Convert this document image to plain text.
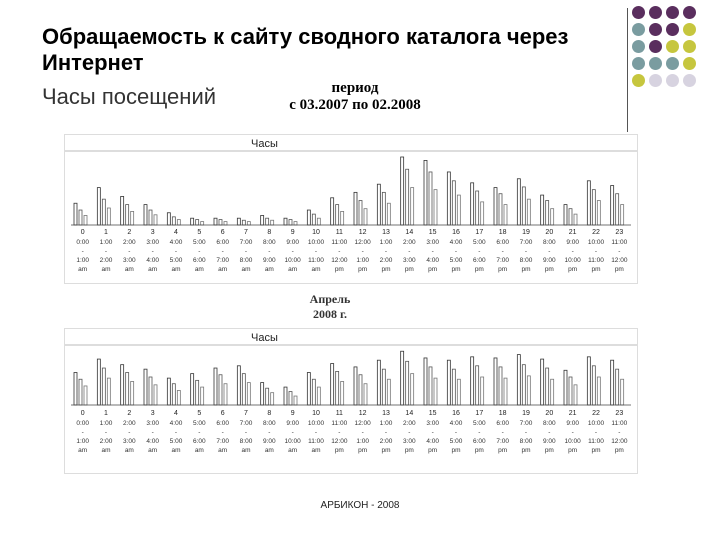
Обращаемость к сайту сводного каталога через Интернет
Часы посещений	период
с 03.2007 по 02.2008
Часы
0
0:00
-
1:00
am
1
1:00
-
2:00
am
2
2:00
-
3:00
am
3
3:00
-
4:00
am
4
4:00
-
5:00
am
5
5:00
-
6:00
am
6
6:00
-
7:00
am
7
7:00
-
8:00
am
8
8:00
-
9:00
am
9
9:00
-
10:00
am
10
10:00
-
11:00
am
11
11:00
-
12:00
pm
12
12:00
-
1:00
pm
13
1:00
-
2:00
pm
14
2:00
-
3:00
pm
15
3:00
-
4:00
pm
16
4:00
-
5:00
pm
17
5:00
-
6:00
pm
18
6:00
-
7:00
pm
19
7:00
-
8:00
pm
20
8:00
-
9:00
pm
21
9:00
-
10:00
pm
22
10:00
-
11:00
pm
23
11:00
-
12:00
pm
Апрель
2008 г.
Часы
0
0:00
-
1:00
am
1
1:00
-
2:00
am
2
2:00
-
3:00
am
3
3:00
-
4:00
am
4
4:00
-
5:00
am
5
5:00
-
6:00
am
6
6:00
-
7:00
am
7
7:00
-
8:00
am
8
8:00
-
9:00
am
9
9:00
-
10:00
am
10
10:00
-
11:00
am
11
11:00
-
12:00
pm
12
12:00
-
1:00
pm
13
1:00
-
2:00
pm
14
2:00
-
3:00
pm
15
3:00
-
4:00
pm
16
4:00
-
5:00
pm
17
5:00
-
6:00
pm
18
6:00
-
7:00
pm
19
7:00
-
8:00
pm
20
8:00
-
9:00
pm
21
9:00
-
10:00
pm
22
10:00
-
11:00
pm
23
11:00
-
12:00
pm
АРБИКОН - 2008
